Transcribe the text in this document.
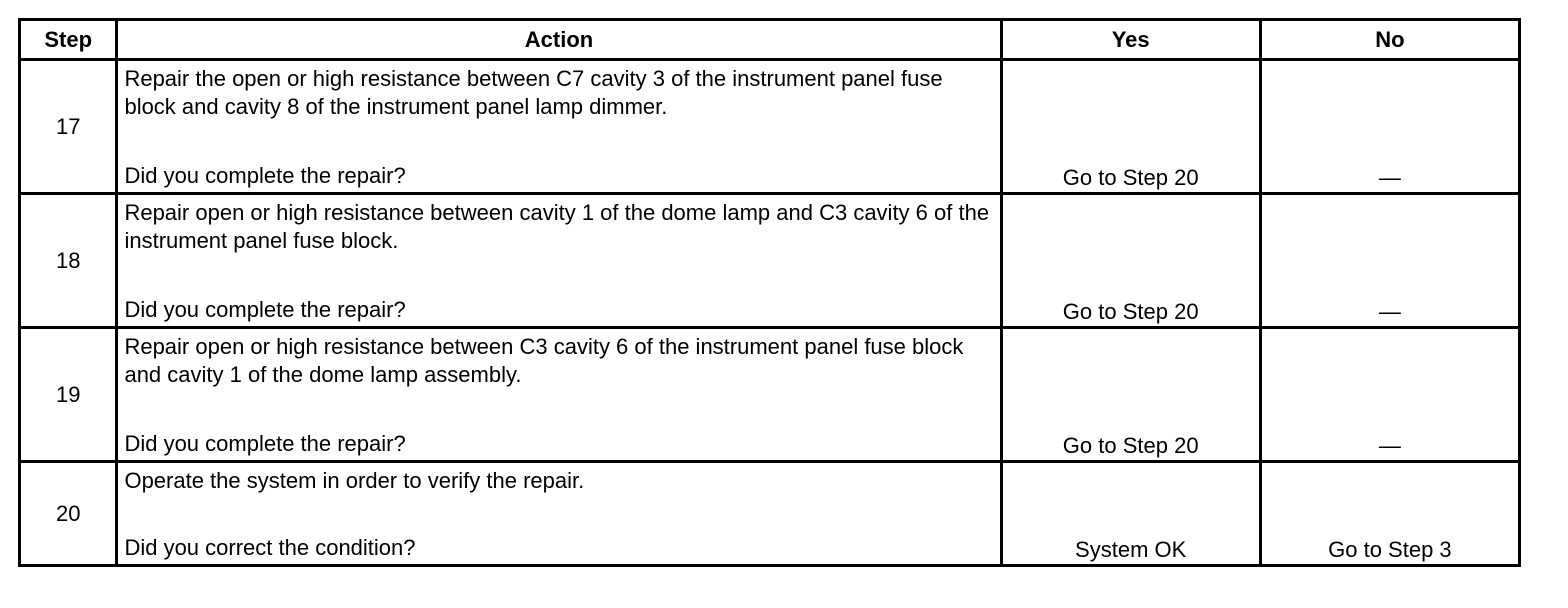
Step	Action	Yes	No
17	Repair the open or high resistance between C7 cavity 3 of the instrument panel fuse block and cavity 8 of the instrument panel lamp dimmer.
Did you complete the repair?	Go to Step 20	—
18	Repair open or high resistance between cavity 1 of the dome lamp and C3 cavity 6 of the instrument panel fuse block.
Did you complete the repair?	Go to Step 20	—
19	Repair open or high resistance between C3 cavity 6 of the instrument panel fuse block and cavity 1 of the dome lamp assembly.
Did you complete the repair?	Go to Step 20	—
20	Operate the system in order to verify the repair.
Did you correct the condition?	System OK	Go to Step 3
